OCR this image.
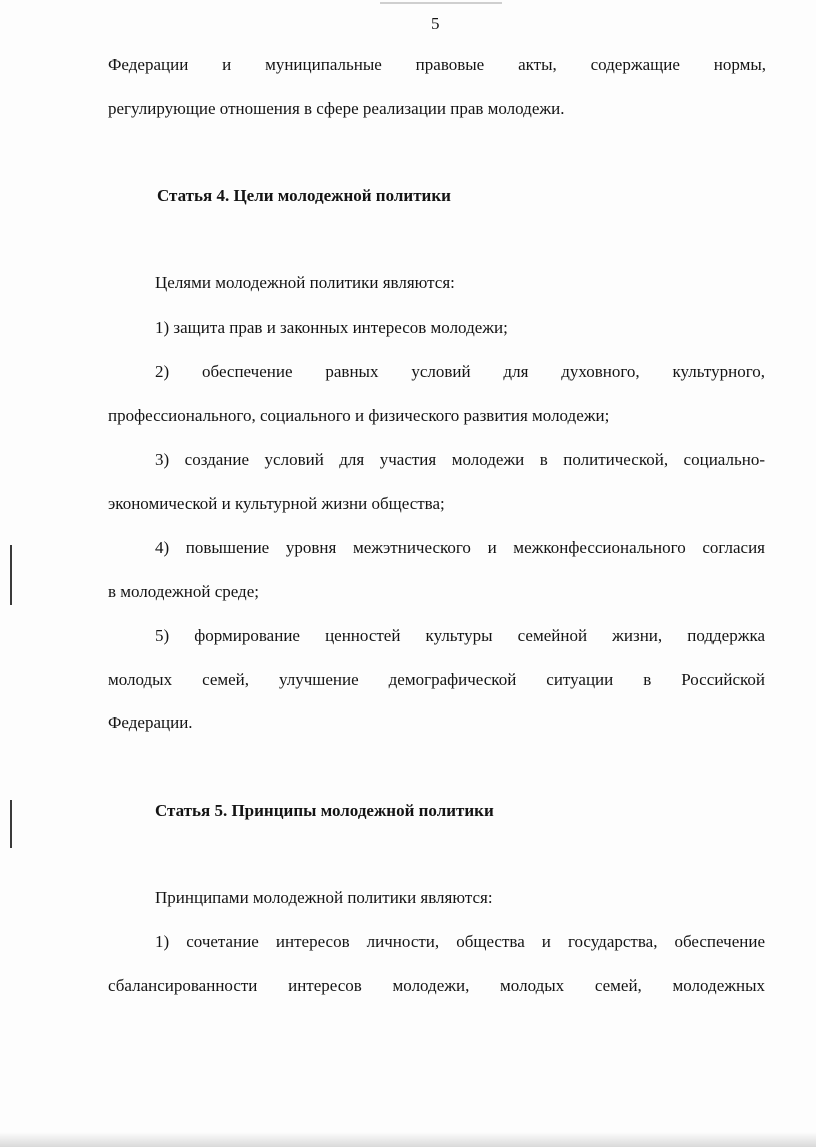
5
Федерации и муниципальные правовые акты, содержащие нормы,
регулирующие отношения в сфере реализации прав молодежи.
Статья 4. Цели молодежной политики
Целями молодежной политики являются:
1) защита прав и законных интересов молодежи;
2) обеспечение равных условий для духовного, культурного,
профессионального, социального и физического развития молодежи;
3) создание условий для участия молодежи в политической, социально-
экономической и культурной жизни общества;
4) повышение уровня межэтнического и межконфессионального согласия
в молодежной среде;
5) формирование ценностей культуры семейной жизни, поддержка
молодых семей, улучшение демографической ситуации в Российской
Федерации.
Статья 5. Принципы молодежной политики
Принципами молодежной политики являются:
1) сочетание интересов личности, общества и государства, обеспечение
сбалансированности интересов молодежи, молодых семей, молодежных
